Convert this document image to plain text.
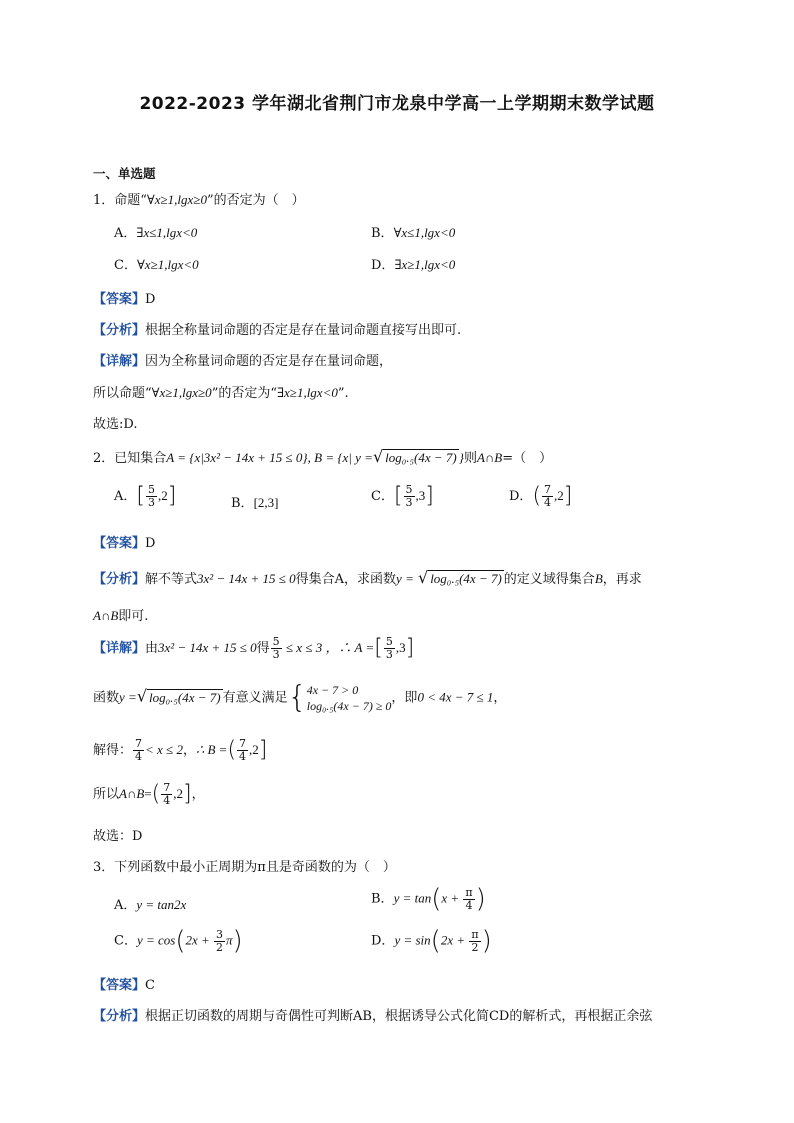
2022-2023 学年湖北省荆门市龙泉中学高一上学期期末数学试题
一、单选题
1．命题“∀x≥1,lgx≥0”的否定为（　）
A．∃x≤1,lgx<0	B．∀x≤1,lgx<0
C．∀x≥1,lgx<0	D．∃x≥1,lgx<0
【答案】D
【分析】根据全称量词命题的否定是存在量词命题直接写出即可.
【详解】因为全称量词命题的否定是存在量词命题，
所以命题“∀x≥1,lgx≥0”的否定为“∃x≥1,lgx<0”.
故选:D.
2．已知集合A = {x|3x² − 14x + 15 ≤ 0}, B = {x| y =√ log₀.₅(4x − 7) }则A∩B=（　）
A．[ $\frac{5}{3} ,2$]	B．[2,3]	C．[ $\frac{5}{3} ,3$]	D．( $\frac{7}{4} ,2$]
【答案】D
【分析】解不等式3x² − 14x + 15 ≤ 0得集合A，求函数y = √ log₀.₅(4x − 7) 的定义域得集合B，再求
A∩B即可.
【详解】由3x² − 14x + 15 ≤ 0得 $\frac{5}{3} \le x \le 3$ ，∴ A =[ $\frac{5}{3} ,3$]
函数y =√ log₀.₅(4x − 7) 有意义满足{ 4x − 7 > 0
log₀.₅(4x − 7) ≥ 0
，即0 < 4x − 7 ≤ 1，
解得： $\frac{7}{4} < x \le 2$，∴ B =( $\frac{7}{4} ,2$]
所以A∩B=( $\frac{7}{4} ,2$]，
故选：D
3．下列函数中最小正周期为π且是奇函数的为（　）
A．y = tan2x	B．$y = \tan(x + \frac{\pi}{4}$ )
C．$y = \cos(2x + \frac{3}{2} \pi)$	D．$y = \sin(2x + \frac{\pi}{2}$ )
【答案】C
【分析】根据正切函数的周期与奇偶性可判断AB，根据诱导公式化简CD的解析式，再根据正余弦
